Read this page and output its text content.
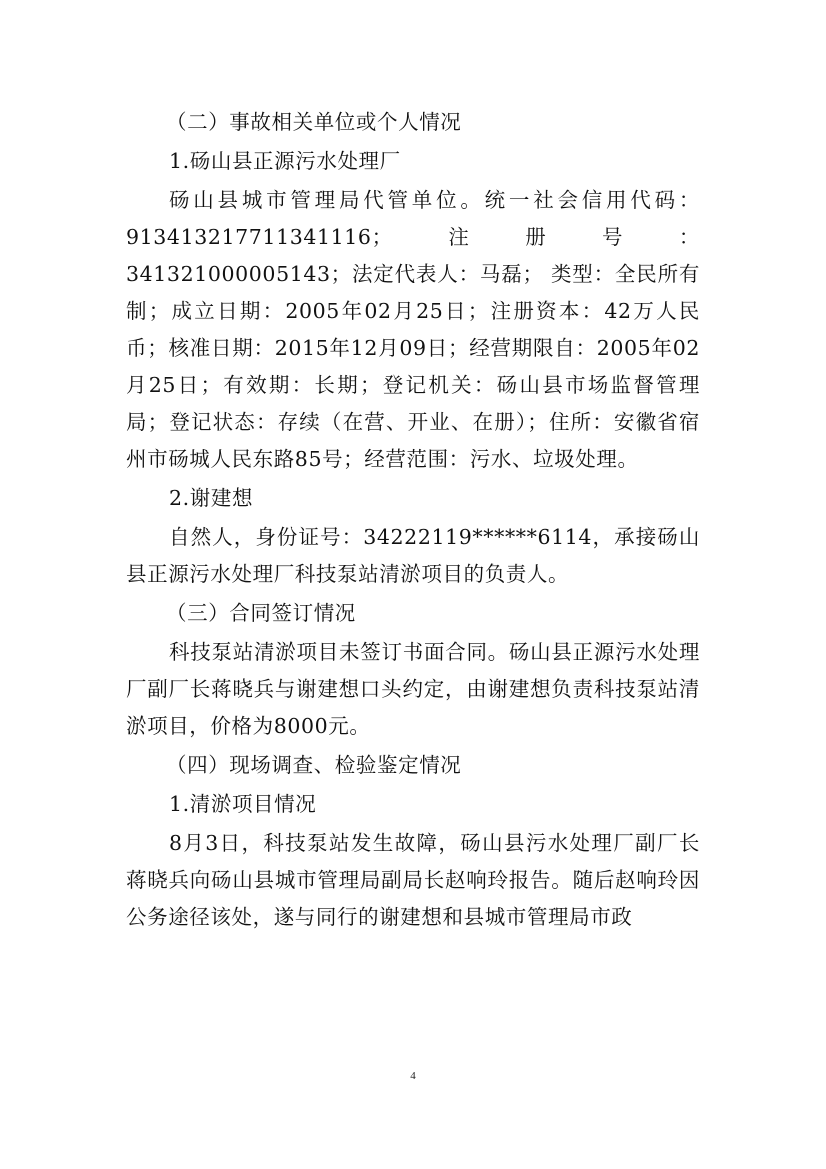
（二）事故相关单位或个人情况

1.砀山县正源污水处理厂

砀山县城市管理局代管单位。统一社会信用代码：913413217711341116；注册号：341321000005143；法定代表人：马磊； 类型：全民所有制；成立日期：2005年02月25日；注册资本：42万人民币；核准日期：2015年12月09日；经营期限自：2005年02月25日；有效期：长期；登记机关：砀山县市场监督管理局；登记状态：存续（在营、开业、在册）；住所：安徽省宿州市砀城人民东路85号；经营范围：污水、垃圾处理。

2.谢建想

自然人，身份证号：34222119******6114，承接砀山县正源污水处理厂科技泵站清淤项目的负责人。

（三）合同签订情况

科技泵站清淤项目未签订书面合同。砀山县正源污水处理厂副厂长蒋晓兵与谢建想口头约定，由谢建想负责科技泵站清淤项目，价格为8000元。

（四）现场调查、检验鉴定情况

1.清淤项目情况

8月3日，科技泵站发生故障，砀山县污水处理厂副厂长蒋晓兵向砀山县城市管理局副局长赵响玲报告。随后赵响玲因公务途径该处，遂与同行的谢建想和县城市管理局市政

4
